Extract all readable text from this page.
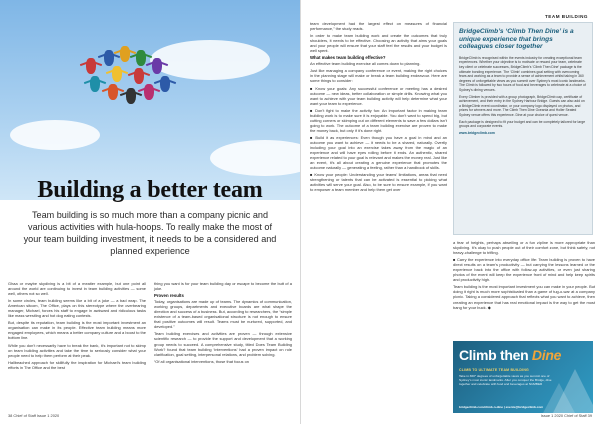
Building a better team
Team building is so much more than a company picnic and various activities with hula-hoops. To really make the most of your team building investment, it needs to be a considered and planned experience

Ghaa or maybe skydiving is a bit of a meatier example, but one point all around the world are continuing to invest in team building activities — some well, others not so well.

In some circles, team building seems like a bit of a joke — a bad wrap. The American sitcom, The Office, plays on this stereotype where the overbearing manager, Michael, forces his staff to engage in awkward and ridiculous tasks like mass wrestling and hot dog eating contests.

But, despite its reputation, team building is the most important investment an organisation can make in its people. Effective team building means more engaged employees, which means a better company culture and a boost to the bottom line.

While you don’t necessarily have to break the bank, it’s important not to skimp on team building activities and take the time to seriously consider what your people need to help them perform at their peak.

Hallbeached approach for skillfully the inspiration for Michael’s team building efforts in The Office and the best

thing you want is for your team building day or escape to become the butt of a joke.

Proven results

Today, organisations are made up of teams. The dynamics of communication, working groups, departments and executive boards are what shape the direction and success of a business. But, according to researchers, the “simple existence of a team-based organisational structure is not enough to ensure that positive outcomes will result. Teams must be nurtured, supported, and developed.”

Team building exercises and activities are proven — through extensive scientific research — to provide the support and development that a working group needs to succeed. A comprehensive study, titled Does Team Building Work? found that team building ‘interventions’ had a proven impact on role clarification, goal setting, interpersonal relations, and problem solving.

“Of all organisational interventions, those that focus on

38 Chief of Staff Issue 1 2020
TEAM BUILDING

team development had the largest effect on measures of financial performance,” the study reads.

In order to make team building work and create the outcomes that truly shoulders, it needs to be effective. Choosing an activity that aims your goals and your people will ensure that your staff feel the results and your budget is well spent.

What makes team building effective?

An effective team building exercise all comes down to planning.

Just like managing a company conference or event, making the right choices in the planning stage will make or break a team building endeavour. Here are some things to consider:

■ Know your goals: Any successful conference or meeting has a desired outcome — new ideas, better collaboration or simple drills. Knowing what you want to achieve with your team building activity will help determine what your want your team to experience.

■ Don’t fight to make the activity fun: An important factor in making team building work is to make sure it is enjoyable. You don’t want to spend big, but cutting corners or skimping out on different elements to save a few dollars isn’t going to work. The outcome of a team building exercise are proven to make the money back, but only if it’s done right.

■ Build it as experiences: Even though you have a goal in mind and an outcome you want to achieve — it needs to be a shared, naturally. Overtly including your goal into an exercise takes away from the magic of an experience and will have eyes rolling before it ends. An authentic, shared experience related to your goal is relevant and makes the money real. Just like an event, it’s all about creating a genuine experience that promotes the outcome naturally — generating a feeling, rather than a handbook of skills.

■ Know your people: Understanding your teams’ limitations, areas that need strengthening or talents that can be activated is essential to picking what activities will serve your goal. Also, to be sure to ensure example, if you want to empower a team member and help them get over

BridgeClimb’s ‘Climb Then Dine’ is a unique experience that brings colleagues closer together

BridgeClimb is recognised within the events industry for creating exceptional team experiences. Whether your objective is to motivate or reward your team, celebrate key client or celebrate successes, BridgeClimb’s ‘Climb Then Dine’ package is the ultimate bonding experience. The ‘Climb’ combines goal setting with overcoming fears and working as a team to provide a sense of achievement whilst taking in 360 degrees of unforgettable views as you summit over Sydney’s most iconic landmarks. The Climb is followed by two hours of food and beverages to celebrate at a choice of Sydney’s dining venues.

Every Climber is provided with a group photograph, BridgeClimb cap, certificate of achievement, and their entry in the Sydney Harbour Bridge. Guests can also add on a BridgeClimb event coordinator, or your company logo displayed on photos, and prizes for winners and more. The Climb Then Dine Oceania and Holler Seated Sydney venue offers this experience. Dine at your choice of quest venue.

Each package is designed to fit your budget and can be completely tailored for large groups and corporate events.

www.bridgeclimb.com

a fear of heights, perhaps abseiling or a fun zipline is more appropriate than skydiving. It’s okay to push people out of their comfort zone, but think safety, not heavy-challenge to trifling.

■ Carry the experience into everyday office life: Team building is proven to have direct results on a team’s productivity — but carrying the lessons learned or the experience back into the office with follow-up activities, or even just sharing photos of the event will keep the experience front of mind and help keep spirits and productivity high.

Team building is the most important investment you can make in your people. But doing it right is much more sophisticated than a game of tug-o-war at a company picnic. Taking a considered approach that reflects what you want to achieve, then creating an experience that has real emotional impact is the way to get the most bang for your buck. ◆

Climb then Dine
CLIMB TO ULTIMATE TEAM BUILDING
Take in 360° degrees of unforgettable views as you summit one of Sydney’s most iconic landmarks. After you conquer the Bridge, dine together and celebrate with food and beverages at NUMBER
bridgeclimb.com/climb-n-dine | events@bridgeclimb.com
Issue 1 2020 Chief of Staff 39
